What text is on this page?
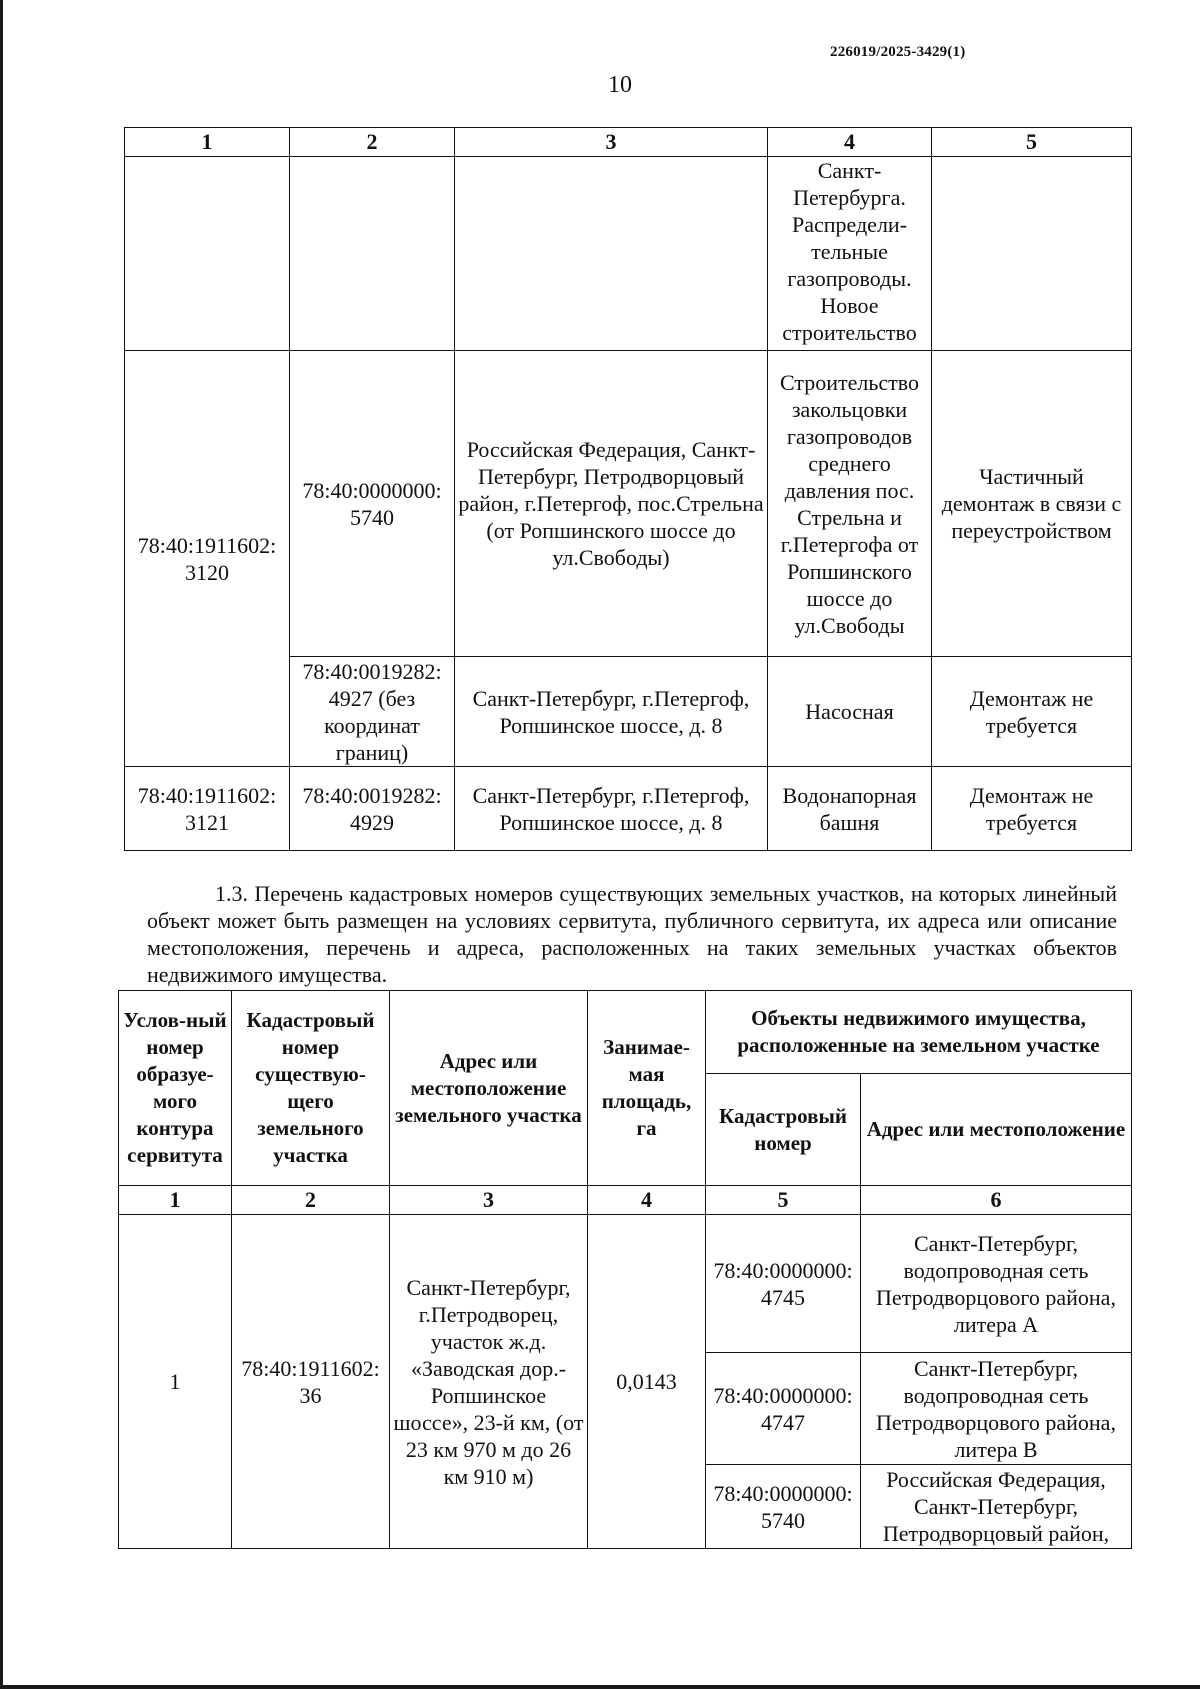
226019/2025-3429(1)
10
1	2	3	4	5
			Санкт-Петербурга. Распредели-тельные газопроводы. Новое строительство	
78:40:1911602: 3120	78:40:0000000: 5740	Российская Федерация, Санкт-Петербург, Петродворцовый район, г.Петергоф, пос.Стрельна (от Ропшинского шоссе до ул.Свободы)	Строительство закольцовки газопроводов среднего давления пос. Стрельна и г.Петергофа от Ропшинского шоссе до ул.Свободы	Частичный демонтаж в связи с переустройством
	78:40:0019282: 4927 (без координат границ)	Санкт-Петербург, г.Петергоф, Ропшинское шоссе, д. 8	Насосная	Демонтаж не требуется
78:40:1911602: 3121	78:40:0019282: 4929	Санкт-Петербург, г.Петергоф, Ропшинское шоссе, д. 8	Водонапорная башня	Демонтаж не требуется
1.3. Перечень кадастровых номеров существующих земельных участков, на которых линейный объект может быть размещен на условиях сервитута, публичного сервитута, их адреса или описание местоположения, перечень и адреса, расположенных на таких земельных участках объектов недвижимого имущества.
Услов-ный номер образуе-мого контура сервитута	Кадастровый номер существую-щего земельного участка	Адрес или местоположение земельного участка	Занимае-мая площадь, га	Объекты недвижимого имущества, расположенные на земельном участке	
				Кадастровый номер	Адрес или местоположение
1	2	3	4	5	6
1	78:40:1911602: 36	Санкт-Петербург, г.Петродворец, участок ж.д. «Заводская дор.-Ропшинское шоссе», 23-й км, (от 23 км 970 м до 26 км 910 м)	0,0143	78:40:0000000: 4745	Санкт-Петербург, водопроводная сеть Петродворцового района, литера А
				78:40:0000000: 4747	Санкт-Петербург, водопроводная сеть Петродворцового района, литера В
				78:40:0000000: 5740	Российская Федерация, Санкт-Петербург, Петродворцовый район,
